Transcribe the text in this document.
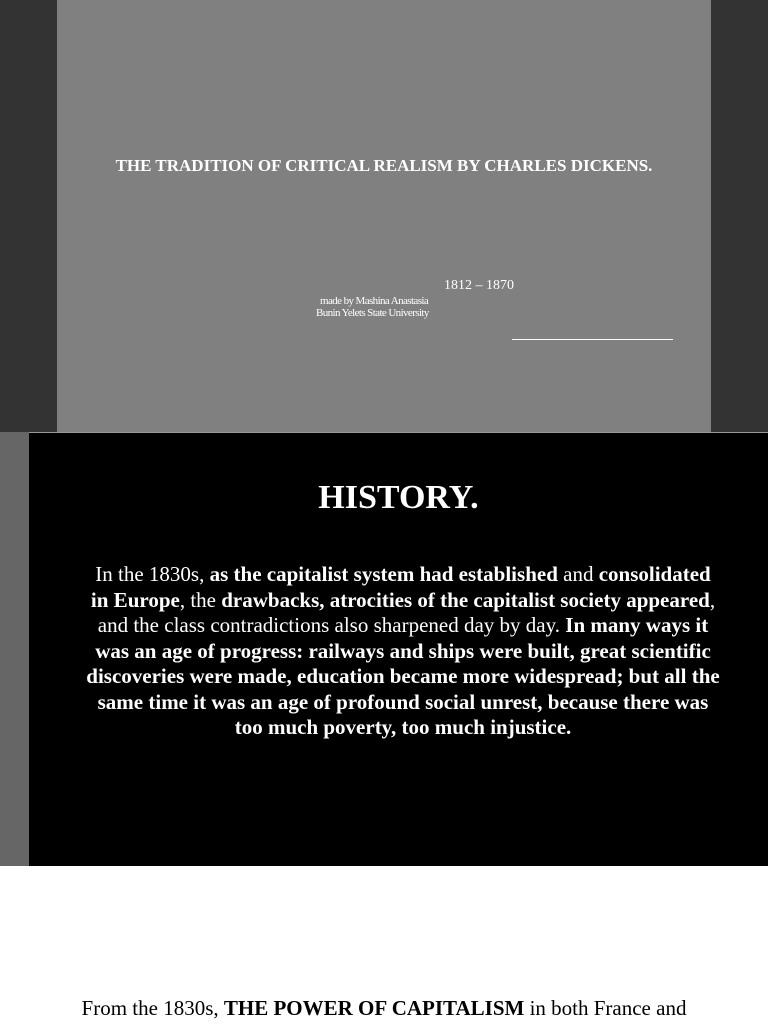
THE TRADITION OF CRITICAL REALISM BY CHARLES DICKENS.
1812 – 1870
made by Mashina Anastasia
Bunin Yelets State University
HISTORY.
In the 1830s, as the capitalist system had established and consolidated in Europe, the drawbacks, atrocities of the capitalist society appeared, and the class contradictions also sharpened day by day. In many ways it was an age of progress: railways and ships were built, great scientific discoveries were made, education became more widespread; but all the same time it was an age of profound social unrest, because there was too much poverty, too much injustice.
From the 1830s, THE POWER OF CAPITALISM in both France and
